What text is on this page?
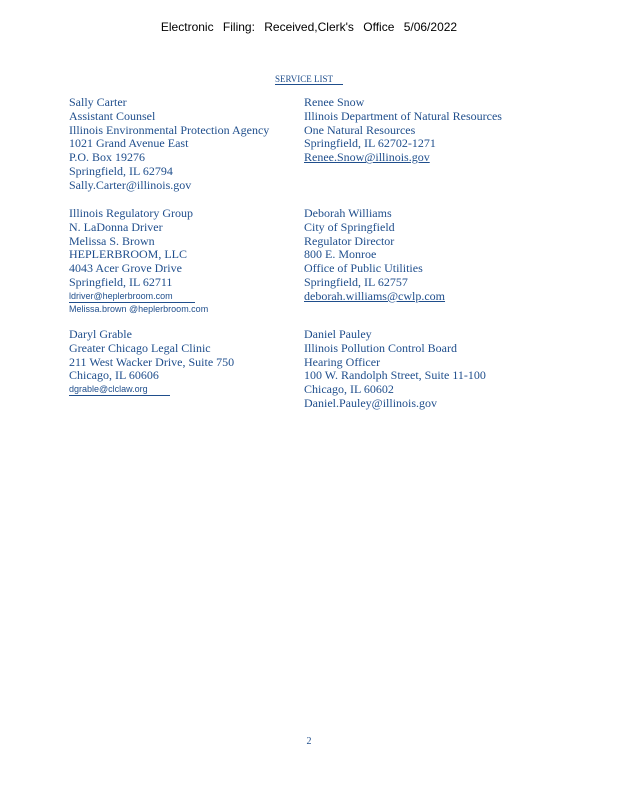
Electronic Filing: Received,Clerk's Office 5/06/2022
SERVICE LIST
Sally Carter
Assistant Counsel
Illinois Environmental Protection Agency
1021 Grand Avenue East
P.O. Box 19276
Springfield, IL 62794
Sally.Carter@illinois.gov
Illinois Regulatory Group
N. LaDonna Driver
Melissa S. Brown
HEPLERBROOM, LLC
4043 Acer Grove Drive
Springfield, IL 62711
ldriver@heplerbroom.com
Melissa.brown @heplerbroom.com
Daryl Grable
Greater Chicago Legal Clinic
211 West Wacker Drive, Suite 750
Chicago, IL 60606
dgrable@clclaw.org
Renee Snow
Illinois Department of Natural Resources
One Natural Resources
Springfield, IL 62702-1271
Renee.Snow@illinois.gov
Deborah Williams
City of Springfield
Regulator Director
800 E. Monroe
Office of Public Utilities
Springfield, IL 62757
deborah.williams@cwlp.com
Daniel Pauley
Illinois Pollution Control Board
Hearing Officer
100 W. Randolph Street, Suite 11-100
Chicago, IL 60602
Daniel.Pauley@illinois.gov
2
